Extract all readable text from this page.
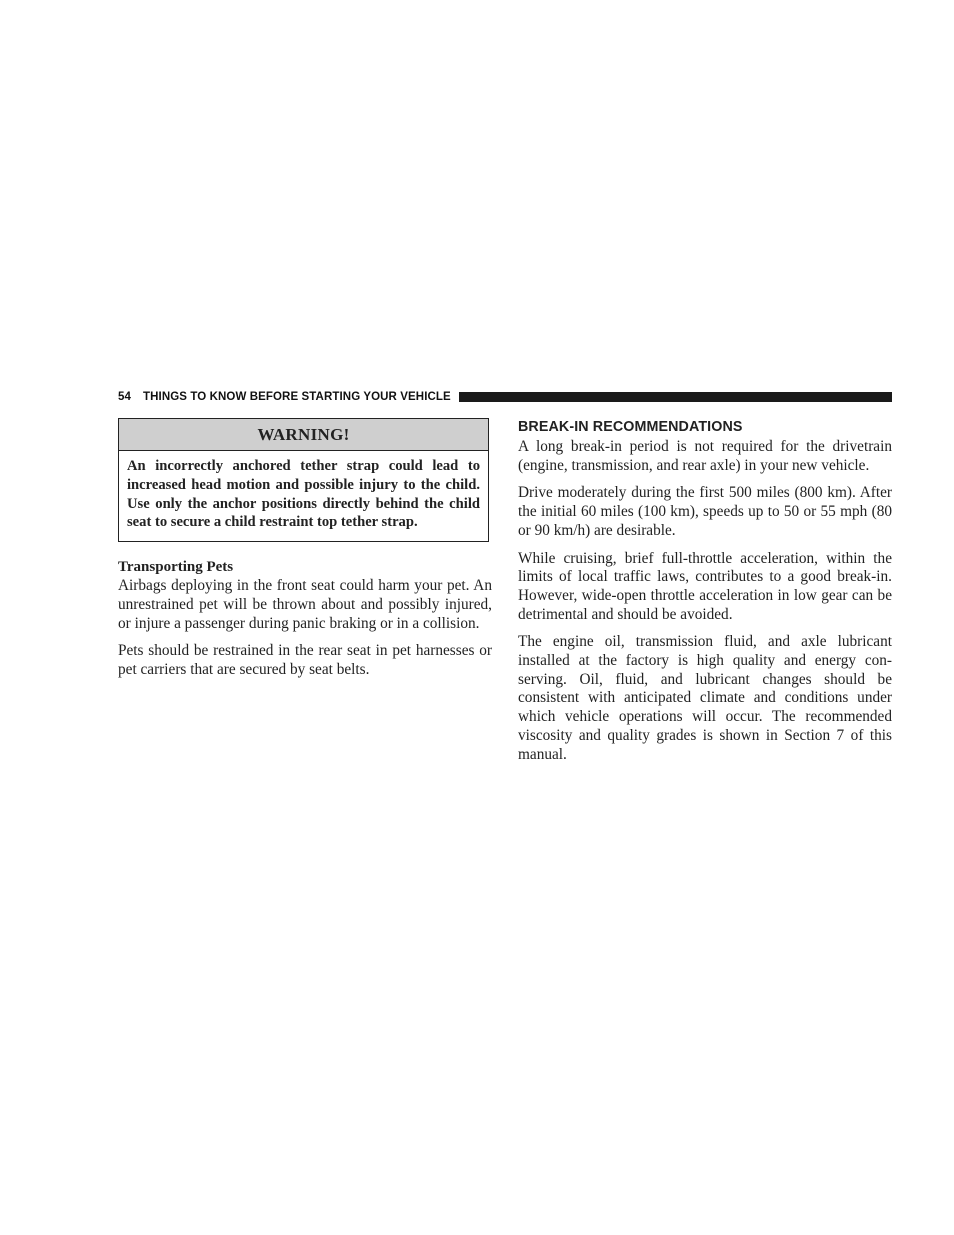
54 THINGS TO KNOW BEFORE STARTING YOUR VEHICLE
WARNING!
An incorrectly anchored tether strap could lead to increased head motion and possible injury to the child. Use only the anchor positions directly behind the child seat to secure a child restraint top tether strap.
Transporting Pets

Airbags deploying in the front seat could harm your pet. An unrestrained pet will be thrown about and possibly injured, or injure a passenger during panic braking or in a collision.

Pets should be restrained in the rear seat in pet harnesses or pet carriers that are secured by seat belts.

BREAK-IN RECOMMENDATIONS

A long break-in period is not required for the drivetrain (engine, transmission, and rear axle) in your new vehicle.

Drive moderately during the first 500 miles (800 km). After the initial 60 miles (100 km), speeds up to 50 or 55 mph (80 or 90 km/h) are desirable.

While cruising, brief full-throttle acceleration, within the limits of local traffic laws, contributes to a good break-in. However, wide-open throttle acceleration in low gear can be detrimental and should be avoided.

The engine oil, transmission fluid, and axle lubricant installed at the factory is high quality and energy con-serving. Oil, fluid, and lubricant changes should be consistent with anticipated climate and conditions under which vehicle operations will occur. The recommended viscosity and quality grades is shown in Section 7 of this manual.
